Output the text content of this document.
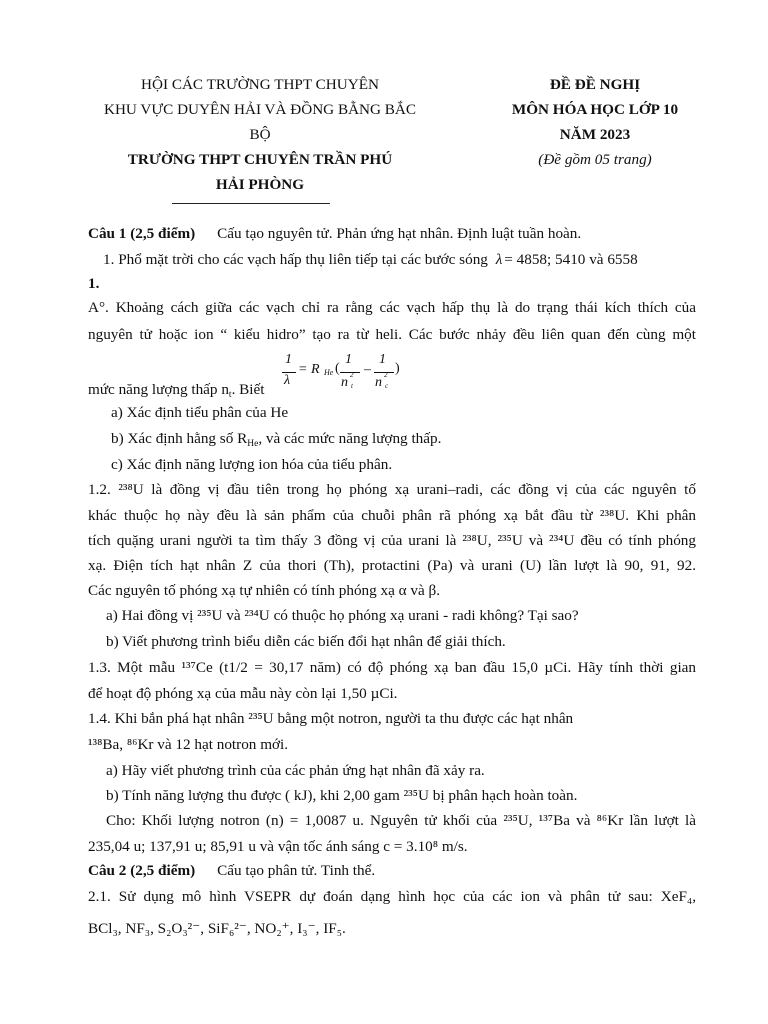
HỘI CÁC TRƯỜNG THPT CHUYÊN
KHU VỰC DUYÊN HẢI VÀ ĐỒNG BẰNG BẮC
BỘ
TRƯỜNG THPT CHUYÊN TRẦN PHÚ
HẢI PHÒNG
ĐỀ ĐỀ NGHỊ
MÔN HÓA HỌC LỚP 10
NĂM 2023
(Đề gồm 05 trang)
Câu 1 (2,5 điểm) Cấu tạo nguyên tử. Phản ứng hạt nhân. Định luật tuần hoàn.
1. Phổ mặt trời cho các vạch hấp thụ liên tiếp tại các bước sóng λ = 4858; 5410 và 6558
1.
A°. Khoảng cách giữa các vạch chỉ ra rằng các vạch hấp thụ là do trạng thái kích thích của
nguyên tử hoặc ion “ kiểu hidro” tạo ra từ heli. Các bước nhảy đều liên quan đến cùng một
mức năng lượng thấp $n_t$. Biết
1
λ
= R He (
1
n 2
t
–
1
n 2
c
)
a) Xác định tiểu phân của He
b) Xác định hằng số $R_{He}$, và các mức năng lượng thấp.
c) Xác định năng lượng ion hóa của tiểu phân.
1.2. ²³⁸U là đồng vị đầu tiên trong họ phóng xạ urani–radi, các đồng vị của các nguyên tố
khác thuộc họ này đều là sản phẩm của chuỗi phân rã phóng xạ bắt đầu từ ²³⁸U. Khi phân
tích quặng urani người ta tìm thấy 3 đồng vị của urani là ²³⁸U, ²³⁵U và ²³⁴U đều có tính phóng
xạ. Điện tích hạt nhân Z của thori (Th), protactini (Pa) và urani (U) lần lượt là 90, 91, 92.
Các nguyên tố phóng xạ tự nhiên có tính phóng xạ α và β.
a) Hai đồng vị ²³⁵U và ²³⁴U có thuộc họ phóng xạ urani - radi không? Tại sao?
b) Viết phương trình biểu diễn các biến đổi hạt nhân để giải thích.
1.3. Một mẫu ¹³⁷Ce (t1/2 = 30,17 năm) có độ phóng xạ ban đầu 15,0 µCi. Hãy tính thời gian
để hoạt độ phóng xạ của mẫu này còn lại 1,50 µCi.
1.4. Khi bắn phá hạt nhân ²³⁵U bằng một notron, người ta thu được các hạt nhân
¹³⁸Ba, ⁸⁶Kr và 12 hạt notron mới.
a) Hãy viết phương trình của các phản ứng hạt nhân đã xảy ra.
b) Tính năng lượng thu được ( kJ), khi 2,00 gam ²³⁵U bị phân hạch hoàn toàn.
Cho: Khối lượng notron (n) = 1,0087 u. Nguyên tử khối của ²³⁵U, ¹³⁷Ba và ⁸⁶Kr lần lượt là
235,04 u; 137,91 u; 85,91 u và vận tốc ánh sáng c = 3.10⁸ m/s.
Câu 2 (2,5 điểm) Cấu tạo phân tử. Tinh thể.
2.1. Sử dụng mô hình VSEPR dự đoán dạng hình học của các ion và phân tử sau: XeF₄,
BCl₃, NF₃, S₂O₃²⁻, SiF₆²⁻, NO₂⁺, I₃⁻, IF₅.
